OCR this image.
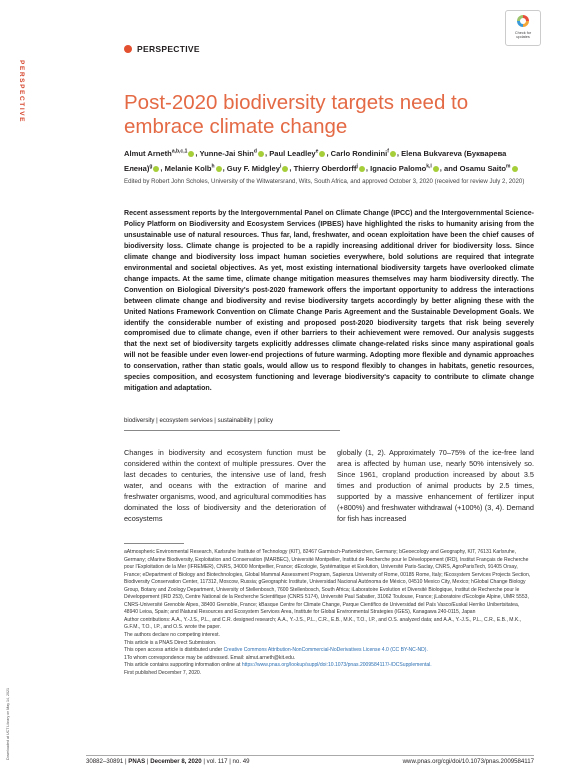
PERSPECTIVE
Downloaded at UCT Library on May 14, 2021
Check for
updates
PERSPECTIVE
Post-2020 biodiversity targets need to embrace climate change
Almut Arneth$^{a,b,c,1}$ , Yunne-Jai Shin$^d$ , Paul Leadley$^e$ , Carlo Rondinini$^f$ , Elena Bukvareva (Букварева Елена)$^g$ , Melanie Kolb$^h$ , Guy F. Midgley$^i$ , Thierry Oberdorff$^j$ , Ignacio Palomo$^{k,l}$ , and Osamu Saito$^m$
Edited by Robert John Scholes, University of the Witwatersrand, Wits, South Africa, and approved October 3, 2020 (received for review July 2, 2020)
Recent assessment reports by the Intergovernmental Panel on Climate Change (IPCC) and the Intergovernmental Science-Policy Platform on Biodiversity and Ecosystem Services (IPBES) have highlighted the risks to humanity arising from the unsustainable use of natural resources. Thus far, land, freshwater, and ocean exploitation have been the chief causes of biodiversity loss. Climate change is projected to be a rapidly increasing additional driver for biodiversity loss. Since climate change and biodiversity loss impact human societies everywhere, bold solutions are required that integrate environmental and societal objectives. As yet, most existing international biodiversity targets have overlooked climate change impacts. At the same time, climate change mitigation measures themselves may harm biodiversity directly. The Convention on Biological Diversity's post-2020 framework offers the important opportunity to address the interactions between climate change and biodiversity and revise biodiversity targets accordingly by better aligning these with the United Nations Framework Convention on Climate Change Paris Agreement and the Sustainable Development Goals. We identify the considerable number of existing and proposed post-2020 biodiversity targets that risk being severely compromised due to climate change, even if other barriers to their achievement were removed. Our analysis suggests that the next set of biodiversity targets explicitly addresses climate change-related risks since many aspirational goals will not be feasible under even lower-end projections of future warming. Adopting more flexible and dynamic approaches to conservation, rather than static goals, would allow us to respond flexibly to changes in habitats, genetic resources, species composition, and ecosystem functioning and leverage biodiversity's capacity to contribute to climate change mitigation and adaptation.
biodiversity | ecosystem services | sustainability | policy
Changes in biodiversity and ecosystem function must be considered within the context of multiple pressures. Over the last decades to centuries, the intensive use of land, fresh water, and oceans with the extraction of marine and freshwater organisms, wood, and agricultural commodities has dominated the loss of biodiversity and the deterioration of ecosystems
globally (1, 2). Approximately 70–75% of the ice-free land area is affected by human use, nearly 50% intensively so. Since 1961, cropland production increased by about 3.5 times and production of animal products by 2.5 times, supported by a massive enhancement of fertilizer input (+800%) and freshwater withdrawal (+100%) (3, 4). Demand for fish has increased

aAtmospheric Environmental Research, Karlsruhe Institute of Technology (KIT), 82467 Garmisch-Partenkirchen, Germany; bGeoecology and Geography, KIT, 76131 Karlsruhe, Germany; cMarine Biodiversity, Exploitation and Conservation (MARBEC), Université Montpellier, Institut de Recherche pour le Développement (IRD), Institut Français de Recherche pour l'Exploitation de la Mer (IFREMER), CNRS, 34000 Montpellier, France; dEcologie, Systématique et Evolution, Université Paris-Saclay, CNRS, AgroParisTech, 91405 Orsay, France; eDepartment of Biology and Biotechnologies, Global Mammal Assessment Program, Sapienza University of Rome, 00185 Rome, Italy; fEcosystem Services Projects Section, Biodiversity Conservation Center, 117312, Moscow, Russia; gGeographic Institute, Universidad Nacional Autónoma de México, 04510 Mexico City, Mexico; hGlobal Change Biology Group, Botany and Zoology Department, University of Stellenbosch, 7600 Stellenbosch, South Africa; iLaboratoire Evolution et Diversité Biologique, Institut de Recherche pour le Développement (IRD 253), Centre National de la Recherche Scientifique (CNRS 5174), Université Paul Sabatier, 31062 Toulouse, France; jLaboratoire d'Ecologie Alpine, UMR 5553, CNRS-Université Grenoble Alpes, 38400 Grenoble, France; kBasque Centre for Climate Change, Parque Científico de Universidad del País Vasco/Euskal Herriko Unibertsitatea, 48940 Leioa, Spain; and lNatural Resources and Ecosystem Services Area, Institute for Global Environmental Strategies (IGES), Kanagawa 240-0115, Japan

Author contributions: A.A., Y.-J.S., P.L., and C.R. designed research; A.A., Y.-J.S., P.L., C.R., E.B., M.K., T.O., I.P., and O.S. analyzed data; and A.A., Y.-J.S., P.L., C.R., E.B., M.K., G.F.M., T.O., I.P., and O.S. wrote the paper.

The authors declare no competing interest.

This article is a PNAS Direct Submission.

This open access article is distributed under Creative Commons Attribution-NonCommercial-NoDerivatives License 4.0 (CC BY-NC-ND).

1To whom correspondence may be addressed. Email: almut.arneth@kit.edu.

This article contains supporting information online at https://www.pnas.org/lookup/suppl/doi:10.1073/pnas.2009584117/-/DCSupplemental.

First published December 7, 2020.

30882–30891 | PNAS | December 8, 2020 | vol. 117 | no. 49	www.pnas.org/cgi/doi/10.1073/pnas.2009584117
